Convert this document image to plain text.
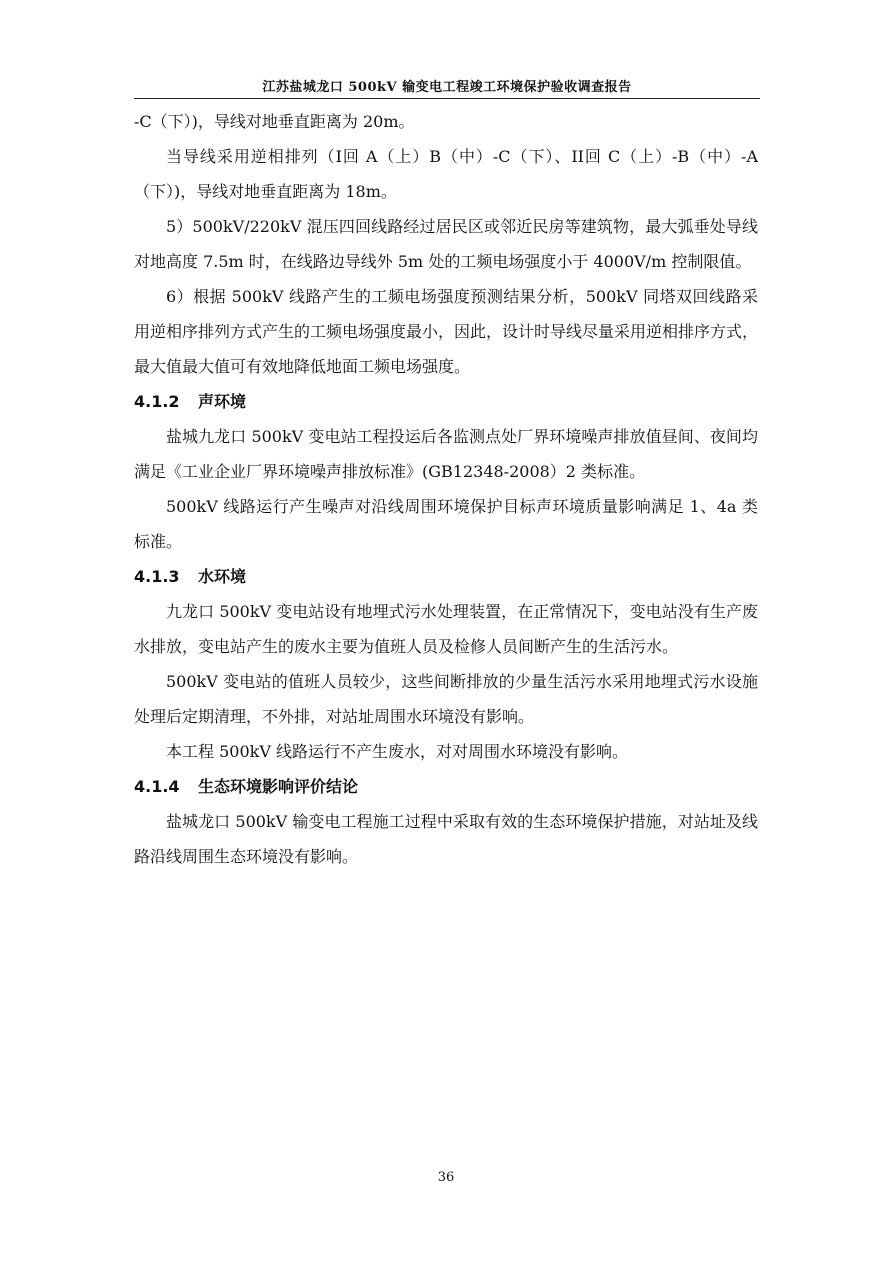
江苏盐城龙口 500kV 输变电工程竣工环境保护验收调查报告

-C（下）)，导线对地垂直距离为 20m。

当导线采用逆相排列（I回 A（上）B（中）-C（下）、II回 C（上）-B（中）-A（下）)，导线对地垂直距离为 18m。

5）500kV/220kV 混压四回线路经过居民区或邻近民房等建筑物，最大弧垂处导线对地高度 7.5m 时，在线路边导线外 5m 处的工频电场强度小于 4000V/m 控制限值。

6）根据 500kV 线路产生的工频电场强度预测结果分析，500kV 同塔双回线路采用逆相序排列方式产生的工频电场强度最小，因此，设计时导线尽量采用逆相排序方式，最大值最大值可有效地降低地面工频电场强度。

4.1.2 声环境

盐城九龙口 500kV 变电站工程投运后各监测点处厂界环境噪声排放值昼间、夜间均满足《工业企业厂界环境噪声排放标准》(GB12348-2008）2 类标准。

500kV 线路运行产生噪声对沿线周围环境保护目标声环境质量影响满足 1、4a 类标准。

4.1.3 水环境

九龙口 500kV 变电站设有地埋式污水处理装置，在正常情况下，变电站没有生产废水排放，变电站产生的废水主要为值班人员及检修人员间断产生的生活污水。

500kV 变电站的值班人员较少，这些间断排放的少量生活污水采用地埋式污水设施处理后定期清理，不外排，对站址周围水环境没有影响。

本工程 500kV 线路运行不产生废水，对对周围水环境没有影响。

4.1.4 生态环境影响评价结论

盐城龙口 500kV 输变电工程施工过程中采取有效的生态环境保护措施，对站址及线路沿线周围生态环境没有影响。

36
